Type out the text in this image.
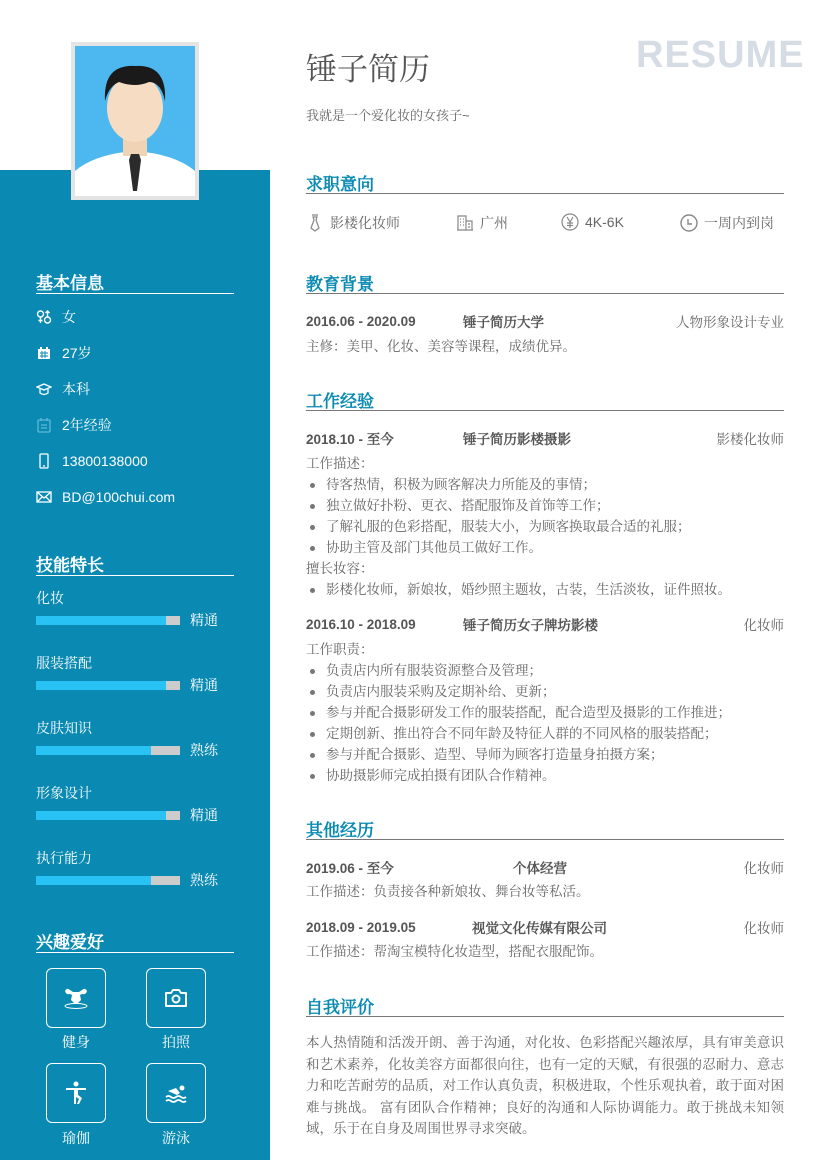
锤子简历	RESUME
我就是一个爱化妆的女孩子~
基本信息
女
27岁
本科
2年经验
13800138000
BD@100chui.com
技能特长
化妆
精通
服装搭配
精通
皮肤知识
熟练
形象设计
精通
执行能力
熟练
兴趣爱好
健身	拍照
瑜伽	游泳
求职意向
影楼化妆师	广州	4K-6K	一周内到岗
教育背景
2016.06 - 2020.09	锤子简历大学	人物形象设计专业
主修：美甲、化妆、美容等课程，成绩优异。
工作经验
2018.10 - 至今	锤子简历影楼摄影	影楼化妆师
工作描述：
待客热情，积极为顾客解决力所能及的事情；
独立做好扑粉、更衣、搭配服饰及首饰等工作；
了解礼服的色彩搭配，服装大小，为顾客换取最合适的礼服；
协助主管及部门其他员工做好工作。
擅长妆容：
影楼化妆师，新娘妆，婚纱照主题妆，古装，生活淡妆，证件照妆。
2016.10 - 2018.09	锤子简历女子牌坊影楼	化妆师
工作职责：
负责店内所有服装资源整合及管理；
负责店内服装采购及定期补给、更新；
参与并配合摄影研发工作的服装搭配，配合造型及摄影的工作推进；
定期创新、推出符合不同年龄及特征人群的不同风格的服装搭配；
参与并配合摄影、造型、导师为顾客打造量身拍摄方案；
协助摄影师完成拍摄有团队合作精神。
其他经历
2019.06 - 至今	个体经营	化妆师
工作描述：负责接各种新娘妆、舞台妆等私活。
2018.09 - 2019.05	视觉文化传媒有限公司	化妆师
工作描述：帮淘宝模特化妆造型，搭配衣服配饰。
自我评价
本人热情随和活泼开朗、善于沟通，对化妆、色彩搭配兴趣浓厚，具有审美意识和艺术素养，化妆美容方面都很向往，也有一定的天赋，有很强的忍耐力、意志力和吃苦耐劳的品质，对工作认真负责，积极进取，个性乐观执着，敢于面对困难与挑战。 富有团队合作精神；良好的沟通和人际协调能力。敢于挑战未知领域，乐于在自身及周围世界寻求突破。
